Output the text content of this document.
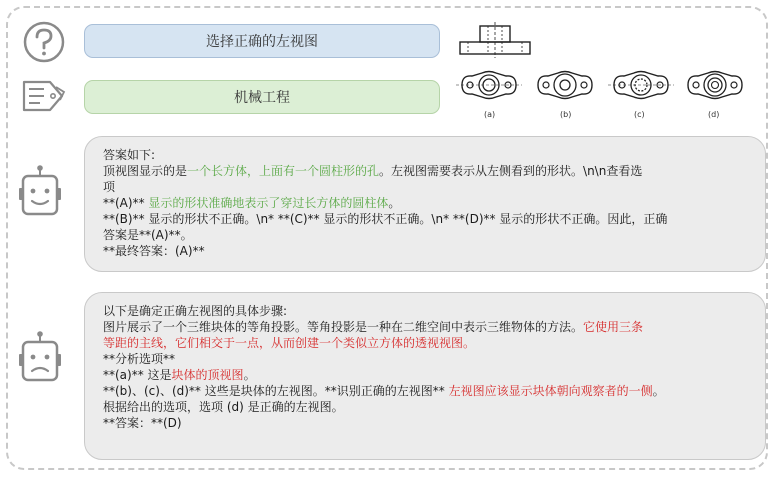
选择正确的左视图
机械工程
(a)	(b)	(c)	(d)
答案如下:
顶视图显示的是一个长方体，上面有一个圆柱形的孔。左视图需要表示从左侧看到的形状。\n\n查看选
项
**(A)** 显示的形状准确地表示了穿过长方体的圆柱体。
**(B)** 显示的形状不正确。\n* **(C)** 显示的形状不正确。\n* **(D)** 显示的形状不正确。因此，正确
答案是**(A)**。
**最终答案：(A)**
以下是确定正确左视图的具体步骤:
图片展示了一个三维块体的等角投影。等角投影是一种在二维空间中表示三维物体的方法。它使用三条
等距的主线，它们相交于一点，从而创建一个类似立方体的透视视图。
**分析选项**
**(a)** 这是块体的顶视图。
**(b)、(c)、(d)** 这些是块体的左视图。**识别正确的左视图** 左视图应该显示块体朝向观察者的一侧。
根据给出的选项，选项 (d) 是正确的左视图。
**答案：**(D)
